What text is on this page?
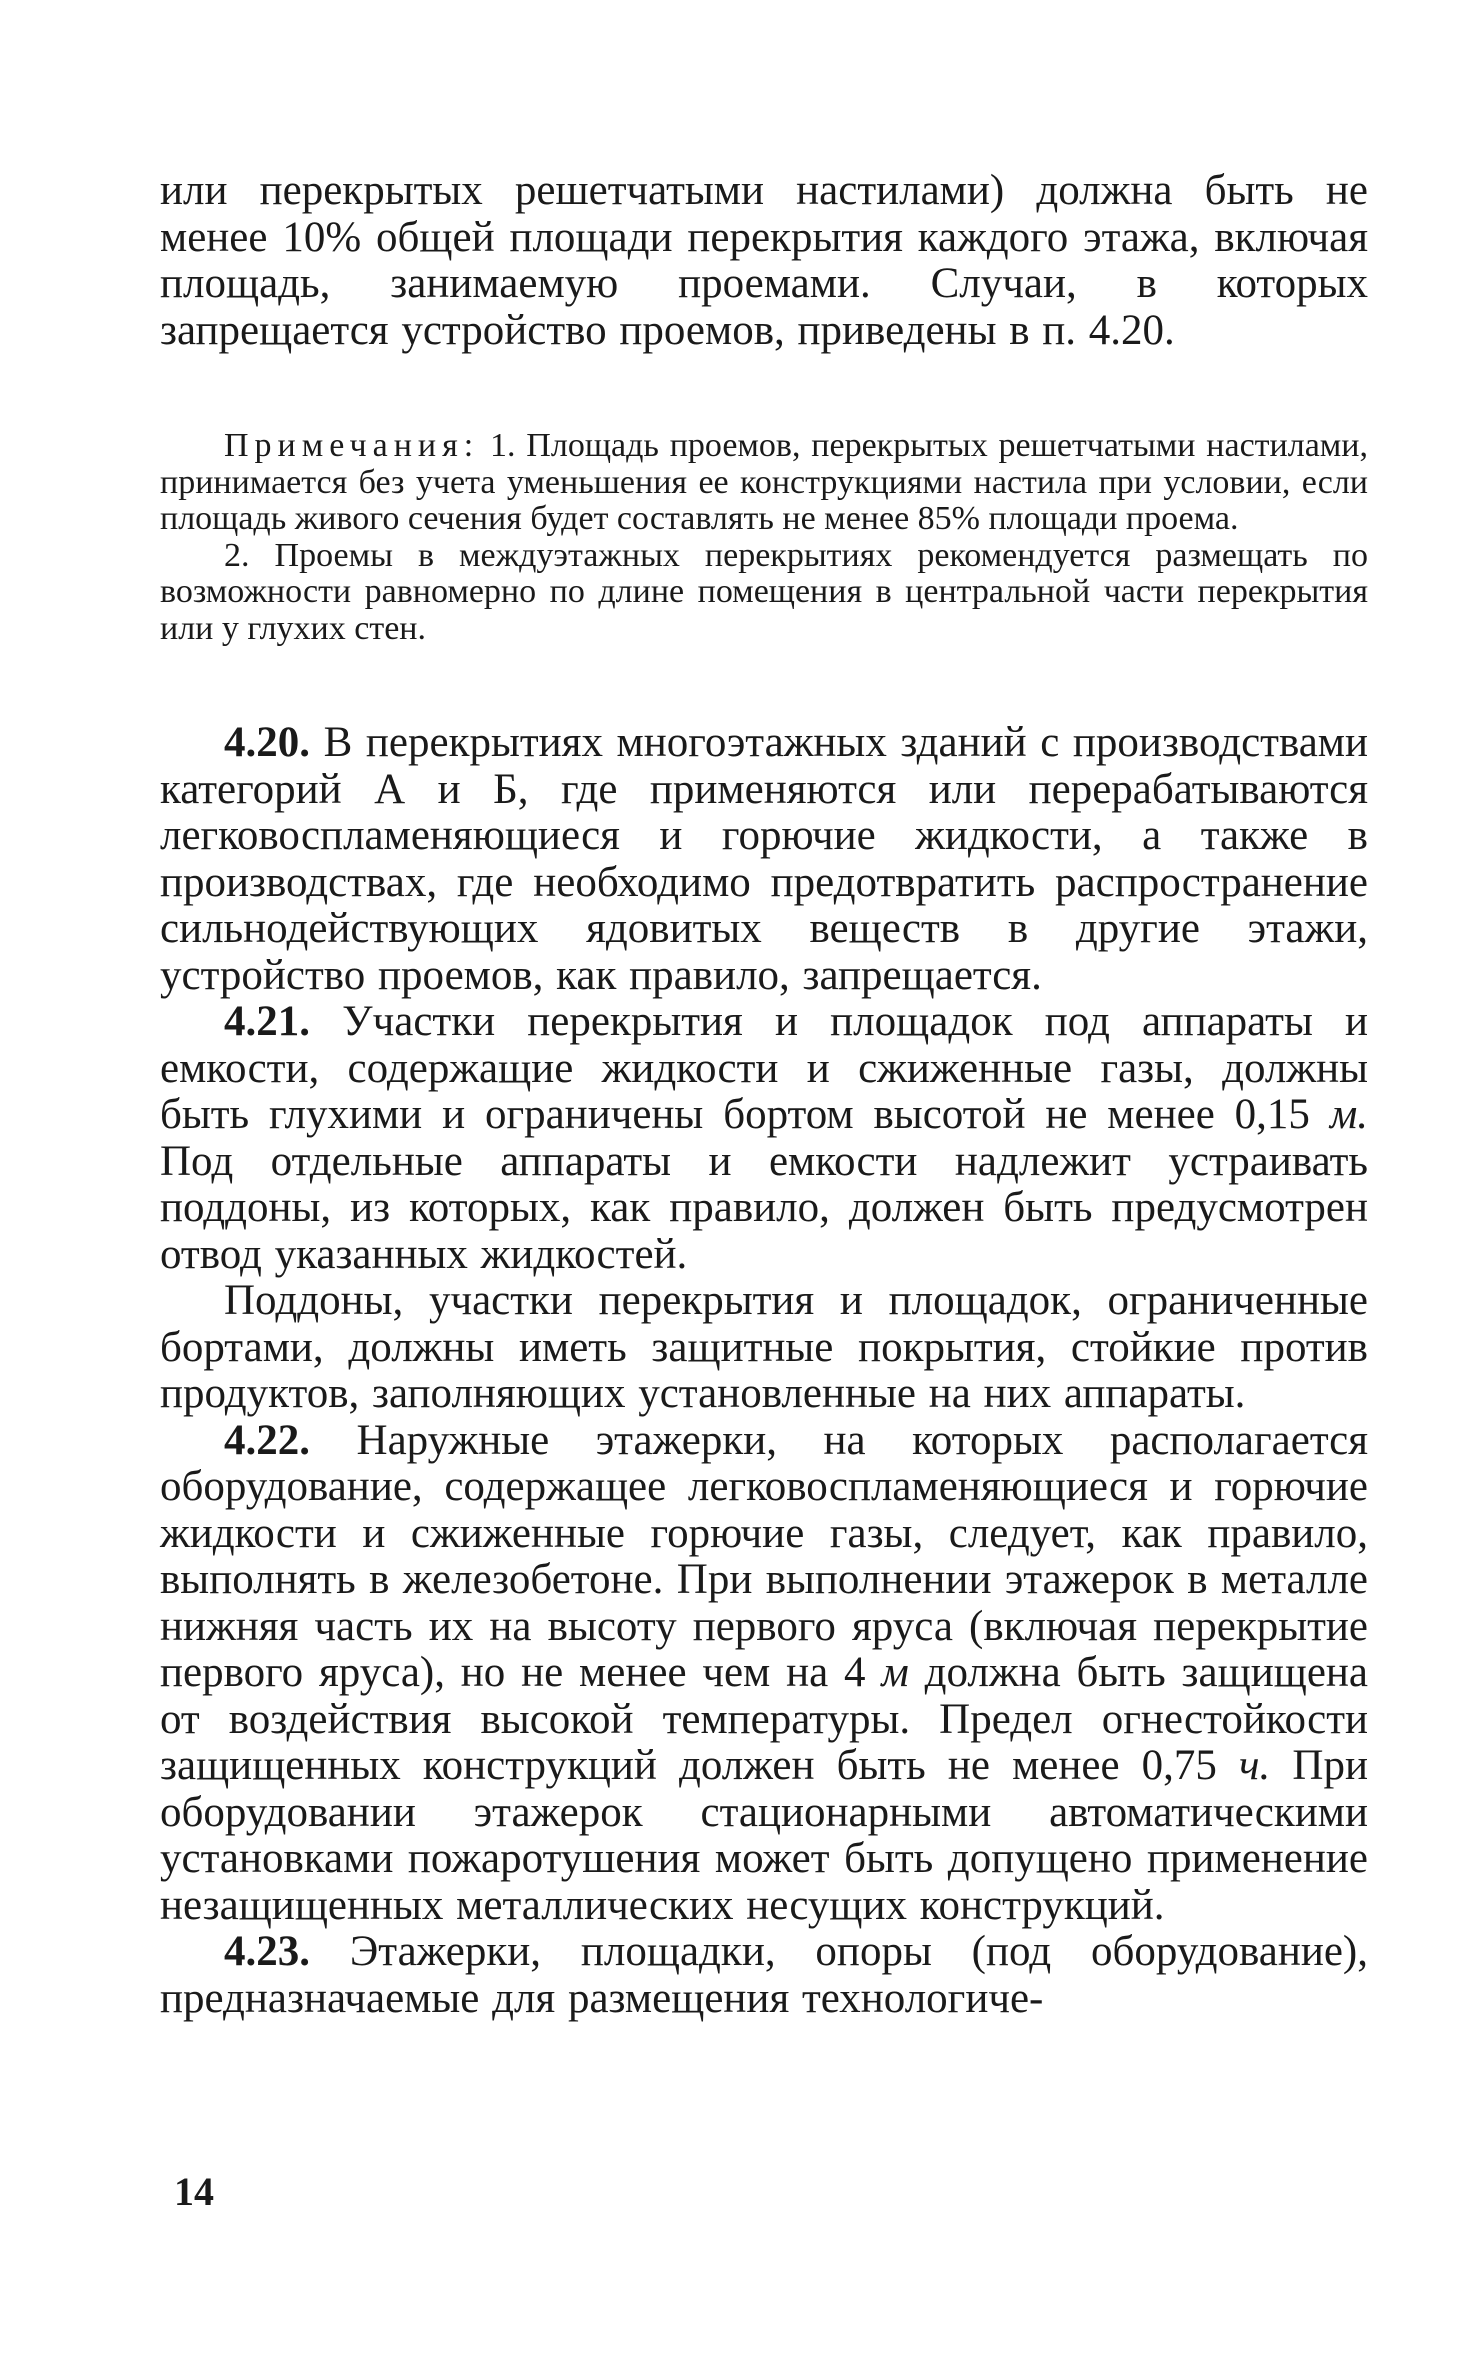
или перекрытых решетчатыми настилами) должна быть не менее 10% общей площади перекрытия каждого этажа, включая площадь, занимаемую проемами. Случаи, в которых запрещается устройство проемов, приведены в п. 4.20.

Примечания: 1. Площадь проемов, перекрытых решетчатыми настилами, принимается без учета уменьшения ее конструкциями настила при условии, если площадь живого сечения будет составлять не менее 85% площади проема.

2. Проемы в междуэтажных перекрытиях рекомендуется размещать по возможности равномерно по длине помещения в центральной части перекрытия или у глухих стен.

4.20. В перекрытиях многоэтажных зданий с производствами категорий А и Б, где применяются или перерабатываются легковоспламеняющиеся и горючие жидкости, а также в производствах, где необходимо предотвратить распространение сильнодействующих ядовитых веществ в другие этажи, устройство проемов, как правило, запрещается.

4.21. Участки перекрытия и площадок под аппараты и емкости, содержащие жидкости и сжиженные газы, должны быть глухими и ограничены бортом высотой не менее 0,15 м. Под отдельные аппараты и емкости надлежит устраивать поддоны, из которых, как правило, должен быть предусмотрен отвод указанных жидкостей.

Поддоны, участки перекрытия и площадок, ограниченные бортами, должны иметь защитные покрытия, стойкие против продуктов, заполняющих установленные на них аппараты.

4.22. Наружные этажерки, на которых располагается оборудование, содержащее легковоспламеняющиеся и горючие жидкости и сжиженные горючие газы, следует, как правило, выполнять в железобетоне. При выполнении этажерок в металле нижняя часть их на высоту первого яруса (включая перекрытие первого яруса), но не менее чем на 4 м должна быть защищена от воздействия высокой температуры. Предел огнестойкости защищенных конструкций должен быть не менее 0,75 ч. При оборудовании этажерок стационарными автоматическими установками пожаротушения может быть допущено применение незащищенных металлических несущих конструкций.

4.23. Этажерки, площадки, опоры (под оборудование), предназначаемые для размещения технологиче-

14
